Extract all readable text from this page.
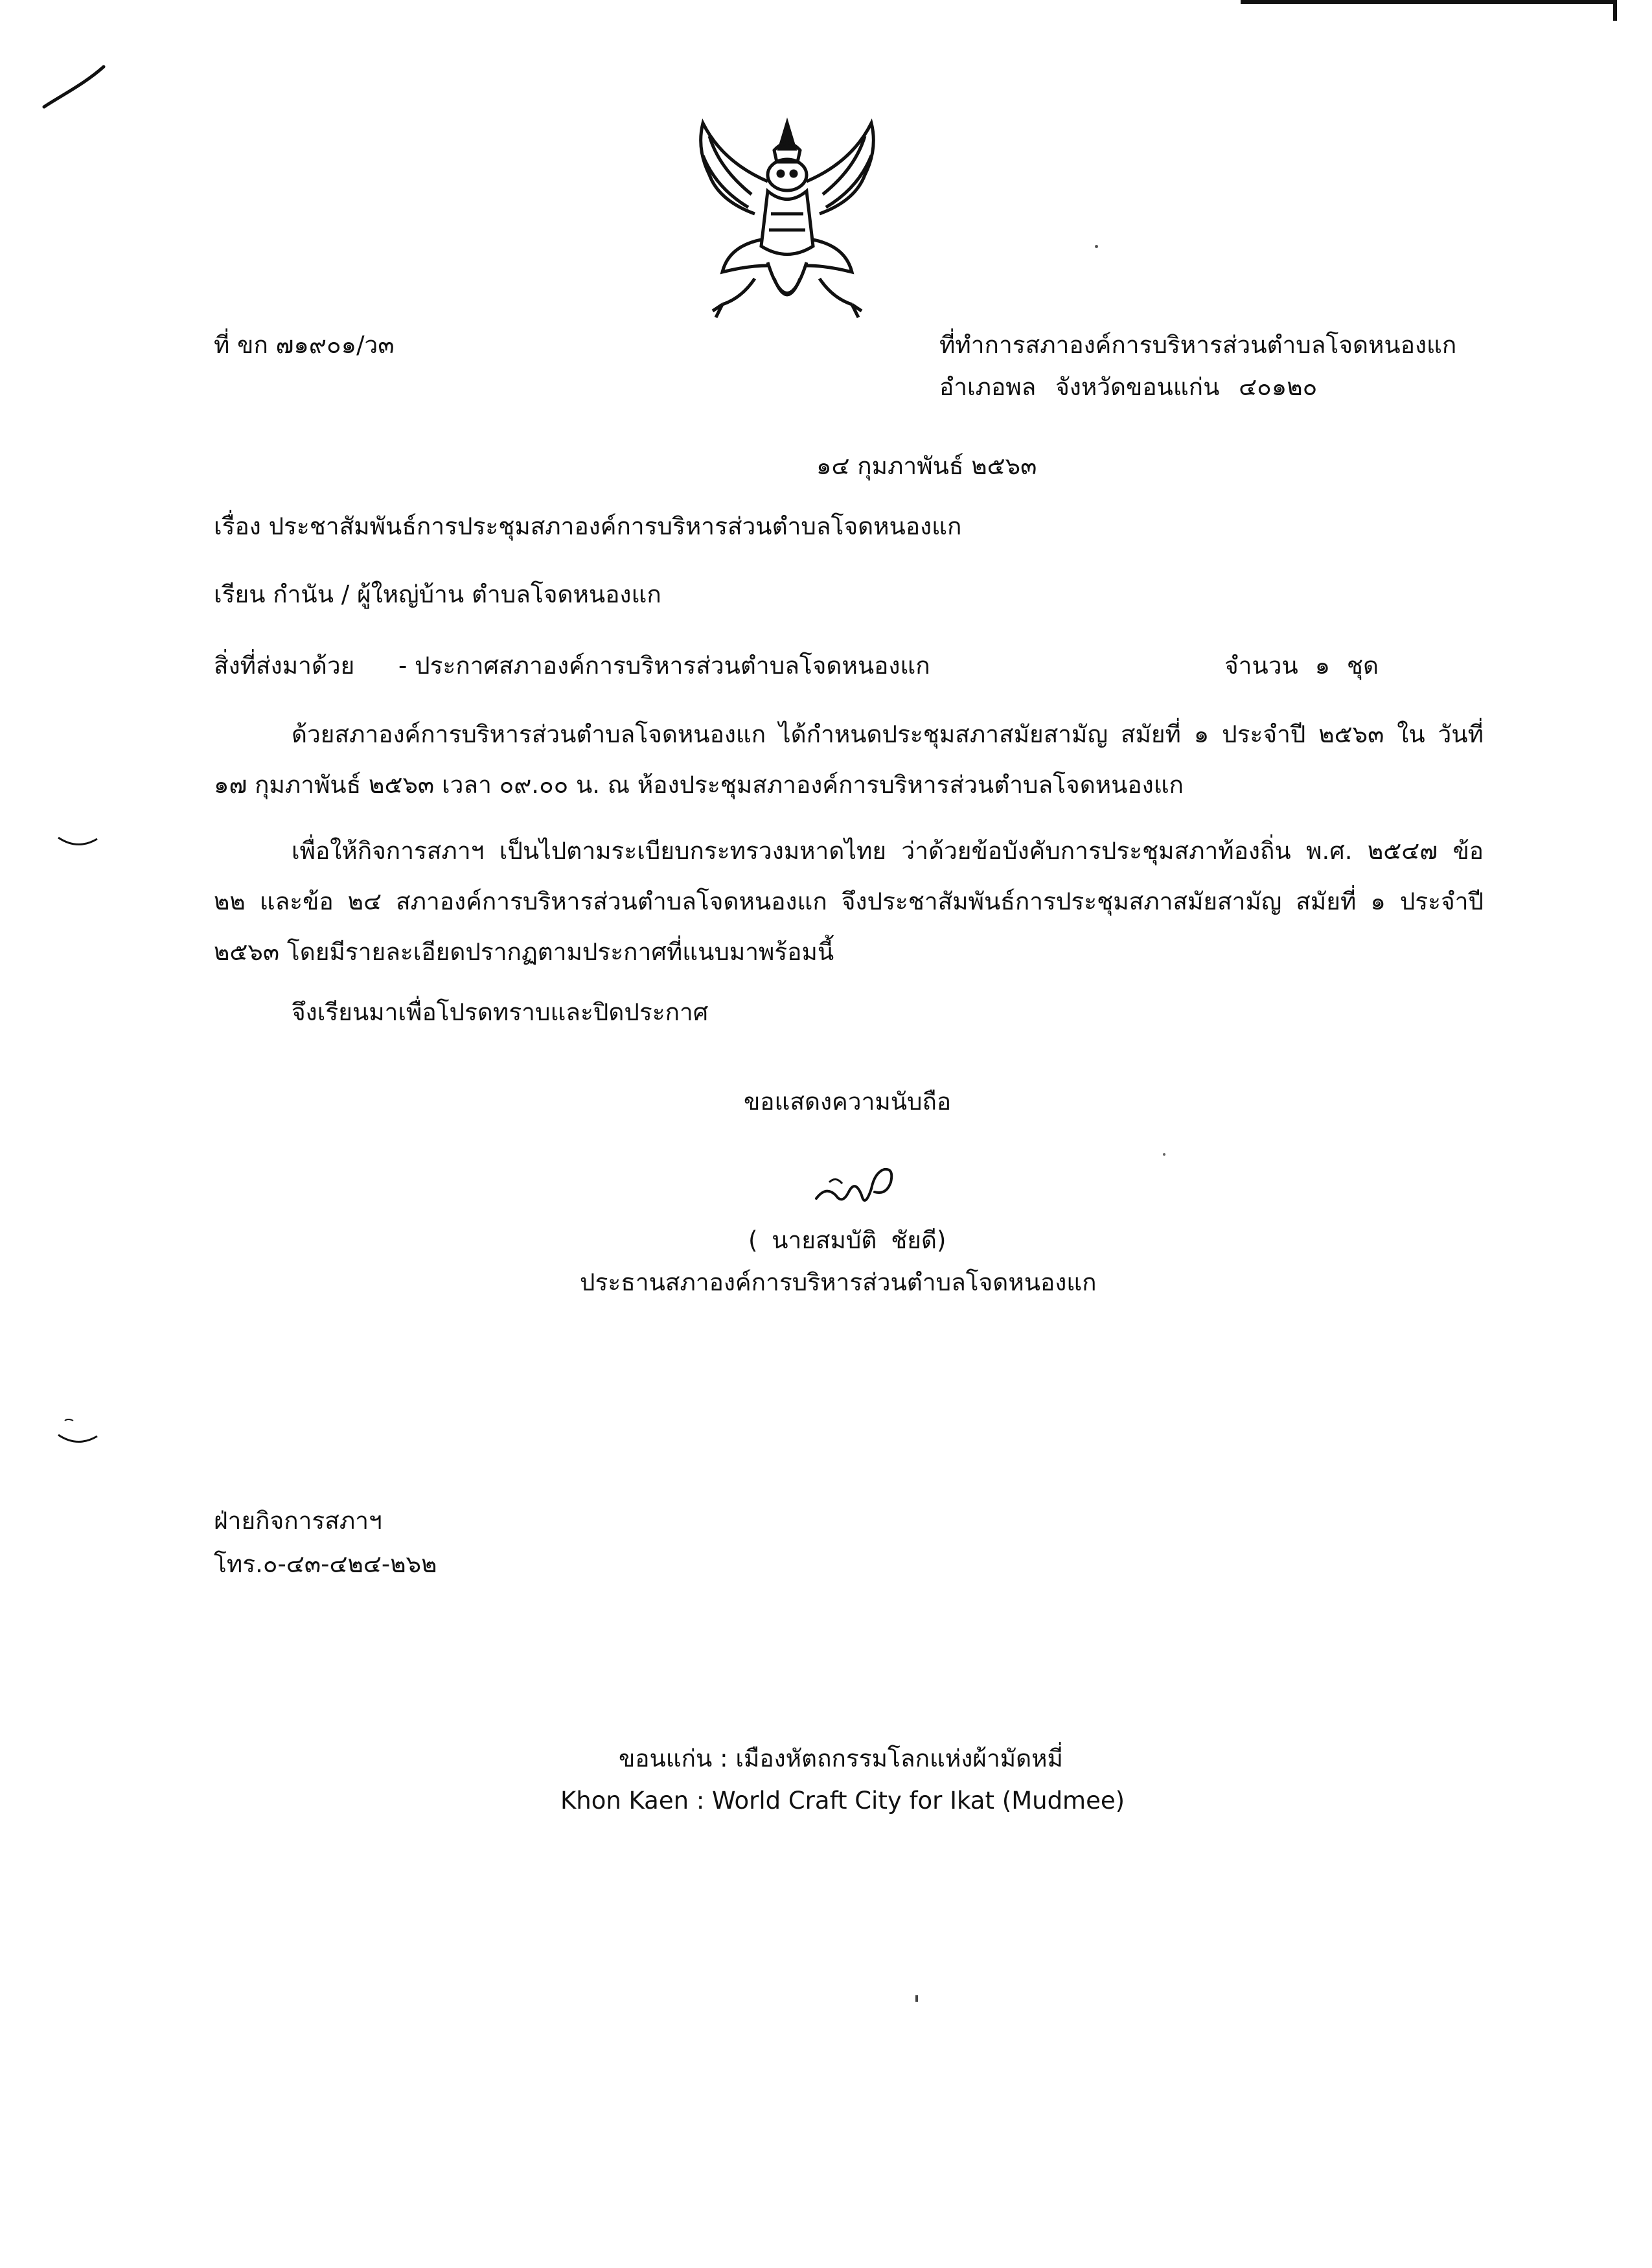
ที่ ขก ๗๑๙๐๑/ว๓	ที่ทำการสภาองค์การบริหารส่วนตำบลโจดหนองแก
อำเภอพล จังหวัดขอนแก่น ๔๐๑๒๐
๑๔ กุมภาพันธ์ ๒๕๖๓
เรื่อง ประชาสัมพันธ์การประชุมสภาองค์การบริหารส่วนตำบลโจดหนองแก
เรียน กำนัน / ผู้ใหญ่บ้าน ตำบลโจดหนองแก
สิ่งที่ส่งมาด้วย - ประกาศสภาองค์การบริหารส่วนตำบลโจดหนองแก	จำนวน ๑ ชุด
ด้วยสภาองค์การบริหารส่วนตำบลโจดหนองแก ได้กำหนดประชุมสภาสมัยสามัญ สมัยที่ ๑ ประจำปี ๒๕๖๓ ใน วันที่ ๑๗ กุมภาพันธ์ ๒๕๖๓ เวลา ๐๙.๐๐ น. ณ ห้องประชุมสภาองค์การบริหารส่วนตำบลโจดหนองแก
เพื่อให้กิจการสภาฯ เป็นไปตามระเบียบกระทรวงมหาดไทย ว่าด้วยข้อบังคับการประชุมสภาท้องถิ่น พ.ศ. ๒๕๔๗ ข้อ ๒๒ และข้อ ๒๔ สภาองค์การบริหารส่วนตำบลโจดหนองแก จึงประชาสัมพันธ์การประชุมสภาสมัยสามัญ สมัยที่ ๑ ประจำปี ๒๕๖๓ โดยมีรายละเอียดปรากฏตามประกาศที่แนบมาพร้อมนี้
จึงเรียนมาเพื่อโปรดทราบและปิดประกาศ
ขอแสดงความนับถือ
( นายสมบัติ ชัยดี)
ประธานสภาองค์การบริหารส่วนตำบลโจดหนองแก
ฝ่ายกิจการสภาฯ
โทร.๐-๔๓-๔๒๔-๒๖๒
ขอนแก่น : เมืองหัตถกรรมโลกแห่งผ้ามัดหมี่
Khon Kaen : World Craft City for Ikat (Mudmee)
